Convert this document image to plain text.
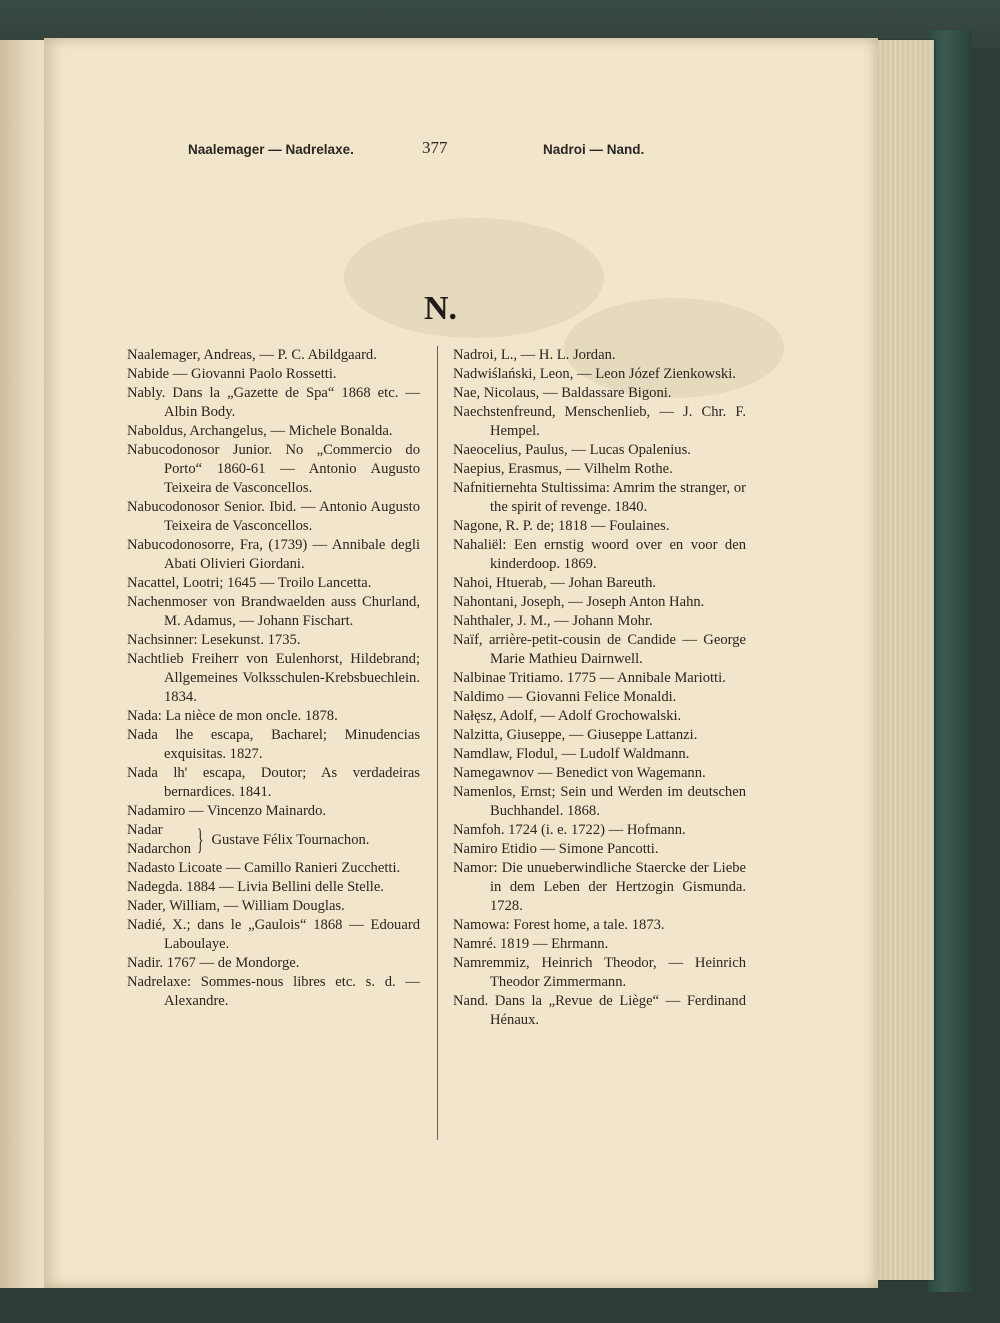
Naalemager — Nadrelaxe.	377	Nadroi — Nand.
N.

Naalemager, Andreas, — P. C. Abildgaard.

Nabide — Giovanni Paolo Rossetti.

Nably. Dans la „Gazette de Spa“ 1868 etc. — Albin Body.

Naboldus, Archangelus, — Michele Bonalda.

Nabucodonosor Junior. No „Commercio do Porto“ 1860-61 — Antonio Augusto Teixeira de Vasconcellos.

Nabucodonosor Senior. Ibid. — Antonio Augusto Teixeira de Vasconcellos.

Nabucodonosorre, Fra, (1739) — Annibale degli Abati Olivieri Giordani.

Nacattel, Lootri; 1645 — Troilo Lancetta.

Nachenmoser von Brandwaelden auss Churland, M. Adamus, — Johann Fischart.

Nachsinner: Lesekunst. 1735.

Nachtlieb Freiherr von Eulenhorst, Hildebrand; Allgemeines Volksschulen-Krebsbuechlein. 1834.

Nada: La nièce de mon oncle. 1878.

Nada lhe escapa, Bacharel; Minudencias exquisitas. 1827.

Nada lh' escapa, Doutor; As verdadeiras bernardices. 1841.

Nadamiro — Vincenzo Mainardo.

Nadar
Nadarchon } Gustave Félix Tournachon.

Nadasto Licoate — Camillo Ranieri Zucchetti.

Nadegda. 1884 — Livia Bellini delle Stelle.

Nader, William, — William Douglas.

Nadié, X.; dans le „Gaulois“ 1868 — Edouard Laboulaye.

Nadir. 1767 — de Mondorge.

Nadrelaxe: Sommes-nous libres etc. s. d. — Alexandre.

Nadroi, L., — H. L. Jordan.

Nadwiślański, Leon, — Leon Józef Zienkowski.

Nae, Nicolaus, — Baldassare Bigoni.

Naechstenfreund, Menschenlieb, — J. Chr. F. Hempel.

Naeocelius, Paulus, — Lucas Opalenius.

Naepius, Erasmus, — Vilhelm Rothe.

Nafnitiernehta Stultissima: Amrim the stranger, or the spirit of revenge. 1840.

Nagone, R. P. de; 1818 — Foulaines.

Nahaliël: Een ernstig woord over en voor den kinderdoop. 1869.

Nahoi, Htuerab, — Johan Bareuth.

Nahontani, Joseph, — Joseph Anton Hahn.

Nahthaler, J. M., — Johann Mohr.

Naïf, arrière-petit-cousin de Candide — George Marie Mathieu Dairnwell.

Nalbinae Tritiamo. 1775 — Annibale Mariotti.

Naldimo — Giovanni Felice Monaldi.

Nałęsz, Adolf, — Adolf Grochowalski.

Nalzitta, Giuseppe, — Giuseppe Lattanzi.

Namdlaw, Flodul, — Ludolf Waldmann.

Namegawnov — Benedict von Wagemann.

Namenlos, Ernst; Sein und Werden im deutschen Buchhandel. 1868.

Namfoh. 1724 (i. e. 1722) — Hofmann.

Namiro Etidio — Simone Pancotti.

Namor: Die unueberwindliche Staercke der Liebe in dem Leben der Hertzogin Gismunda. 1728.

Namowa: Forest home, a tale. 1873.

Namré. 1819 — Ehrmann.

Namremmiz, Heinrich Theodor, — Heinrich Theodor Zimmermann.

Nand. Dans la „Revue de Liège“ — Ferdinand Hénaux.
